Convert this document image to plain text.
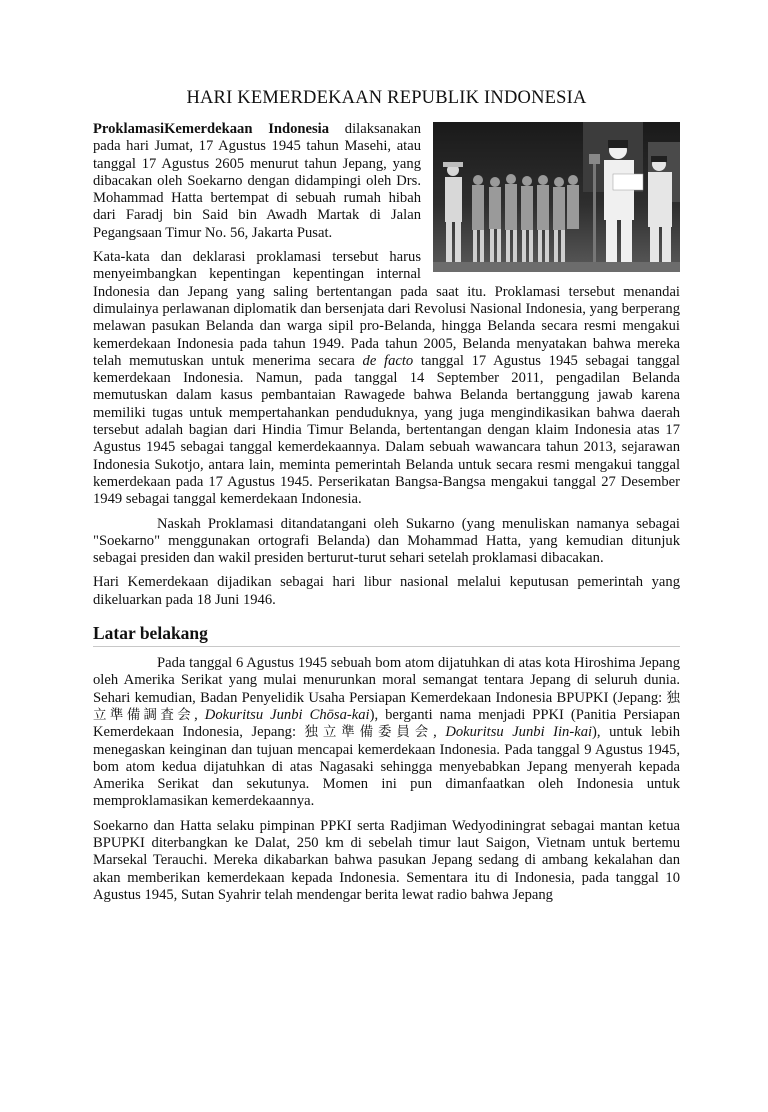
HARI KEMERDEKAAN REPUBLIK INDONESIA

ProklamasiKemerdekaan Indonesia dilaksanakan pada hari Jumat, 17 Agustus 1945 tahun Masehi, atau tanggal 17 Agustus 2605 menurut tahun Jepang, yang dibacakan oleh Soekarno dengan didampingi oleh Drs. Mohammad Hatta bertempat di sebuah rumah hibah dari Faradj bin Said bin Awadh Martak di Jalan Pegangsaan Timur No. 56, Jakarta Pusat.

Kata-kata dan deklarasi proklamasi tersebut harus menyeimbangkan kepentingan kepentingan internal Indonesia dan Jepang yang saling bertentangan pada saat itu. Proklamasi tersebut menandai dimulainya perlawanan diplomatik dan bersenjata dari Revolusi Nasional Indonesia, yang berperang melawan pasukan Belanda dan warga sipil pro-Belanda, hingga Belanda secara resmi mengakui kemerdekaan Indonesia pada tahun 1949. Pada tahun 2005, Belanda menyatakan bahwa mereka telah memutuskan untuk menerima secara de facto tanggal 17 Agustus 1945 sebagai tanggal kemerdekaan Indonesia. Namun, pada tanggal 14 September 2011, pengadilan Belanda memutuskan dalam kasus pembantaian Rawagede bahwa Belanda bertanggung jawab karena memiliki tugas untuk mempertahankan penduduknya, yang juga mengindikasikan bahwa daerah tersebut adalah bagian dari Hindia Timur Belanda, bertentangan dengan klaim Indonesia atas 17 Agustus 1945 sebagai tanggal kemerdekaannya. Dalam sebuah wawancara tahun 2013, sejarawan Indonesia Sukotjo, antara lain, meminta pemerintah Belanda untuk secara resmi mengakui tanggal kemerdekaan pada 17 Agustus 1945. Perserikatan Bangsa-Bangsa mengakui tanggal 27 Desember 1949 sebagai tanggal kemerdekaan Indonesia.

Naskah Proklamasi ditandatangani oleh Sukarno (yang menuliskan namanya sebagai "Soekarno" menggunakan ortografi Belanda) dan Mohammad Hatta, yang kemudian ditunjuk sebagai presiden dan wakil presiden berturut-turut sehari setelah proklamasi dibacakan.

Hari Kemerdekaan dijadikan sebagai hari libur nasional melalui keputusan pemerintah yang dikeluarkan pada 18 Juni 1946.

Latar belakang

Pada tanggal 6 Agustus 1945 sebuah bom atom dijatuhkan di atas kota Hiroshima Jepang oleh Amerika Serikat yang mulai menurunkan moral semangat tentara Jepang di seluruh dunia. Sehari kemudian, Badan Penyelidik Usaha Persiapan Kemerdekaan Indonesia BPUPKI (Jepang: 独立準備調査会, Dokuritsu Junbi Chōsa-kai), berganti nama menjadi PPKI (Panitia Persiapan Kemerdekaan Indonesia, Jepang: 独立準備委員会, Dokuritsu Junbi Iin-kai), untuk lebih menegaskan keinginan dan tujuan mencapai kemerdekaan Indonesia. Pada tanggal 9 Agustus 1945, bom atom kedua dijatuhkan di atas Nagasaki sehingga menyebabkan Jepang menyerah kepada Amerika Serikat dan sekutunya. Momen ini pun dimanfaatkan oleh Indonesia untuk memproklamasikan kemerdekaannya.

Soekarno dan Hatta selaku pimpinan PPKI serta Radjiman Wedyodiningrat sebagai mantan ketua BPUPKI diterbangkan ke Dalat, 250 km di sebelah timur laut Saigon, Vietnam untuk bertemu Marsekal Terauchi. Mereka dikabarkan bahwa pasukan Jepang sedang di ambang kekalahan dan akan memberikan kemerdekaan kepada Indonesia. Sementara itu di Indonesia, pada tanggal 10 Agustus 1945, Sutan Syahrir telah mendengar berita lewat radio bahwa Jepang
